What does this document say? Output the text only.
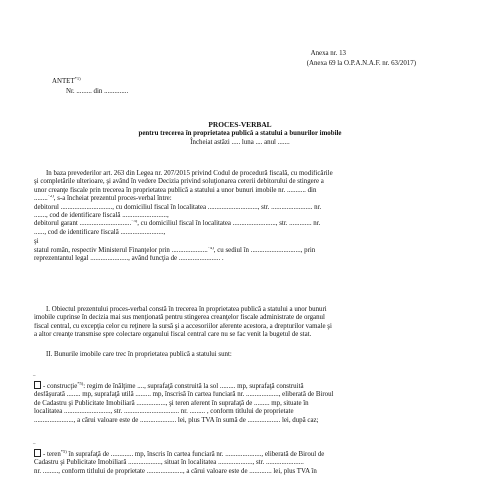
Anexa nr. 13
(Anexa 69 la O.P.A.N.A.F. nr. 63/2017)
ANTET$^{*1)}$
Nr. ......... din ..............
PROCES-VERBAL
pentru trecerea în proprietatea publică a statului a bunurilor imobile
Încheiat astăzi ..... luna .... anul .......
În baza prevederilor art. 263 din Legea nr. 207/2015 privind Codul de procedură fiscală, cu modificările
şi completările ulterioare, şi având în vedere Decizia privind soluţionarea cererii debitorului de stingere a
unor creanţe fiscale prin trecerea în proprietatea publică a statului a unor bunuri imobile nr. ........... din
........$^{*2)}$, s-a încheiat prezentul proces-verbal între:
debitorul .............................., cu domiciliul fiscal în localitatea ............................., str. ........................ nr.
......., cod de identificare fiscală ..........................,
debitorul garant ..............................$^{*3)}$, cu domiciliul fiscal în localitatea ........................., str. ............. nr.
......, cod de identificare fiscală .........................,
şi
statul român, respectiv Ministerul Finanţelor prin .....................$^{*4)}$, cu sediul în ............................., prin
reprezentantul legal ......................, având funcţia de ........................ .
I. Obiectul prezentului proces-verbal constă în trecerea în proprietatea publică a statului a unor bunuri
imobile cuprinse în decizia mai sus menţionată pentru stingerea creanţelor fiscale administrate de organul
fiscal central, cu excepţia celor cu reţinere la sursă şi a accesoriilor aferente acestora, a drepturilor vamale şi
a altor creanţe transmise spre colectare organului fiscal central care nu se fac venit la bugetul de stat.
II. Bunurile imobile care trec în proprietatea publică a statului sunt:
_
- construcţie$^{*5)}$: regim de înălţime ...., suprafaţă construită la sol ......... mp, suprafaţă construită
desfăşurată ........ mp, suprafaţă utilă ......... mp, înscrisă în cartea funciară nr. ..................., eliberată de Biroul
de Cadastru şi Publicitate Imobiliară ................., şi teren aferent în suprafaţă de ......... mp, situate în
localitatea ..........................., str. ................................ nr. ......... , conform titlului de proprietate
......................., a cărui valoare este de ..................... lei, plus TVA în sumă de ................... lei, după caz;
_
- teren$^{*5)}$ în suprafaţă de ............. mp, înscris în cartea funciară nr. ....................., eliberată de Biroul de
Cadastru şi Publicitate Imobiliară ..................., situat în localitatea ...................., str. ......................
nr. ........., conform titlului de proprietate ....................., a cărui valoare este de ............. lei, plus TVA în
